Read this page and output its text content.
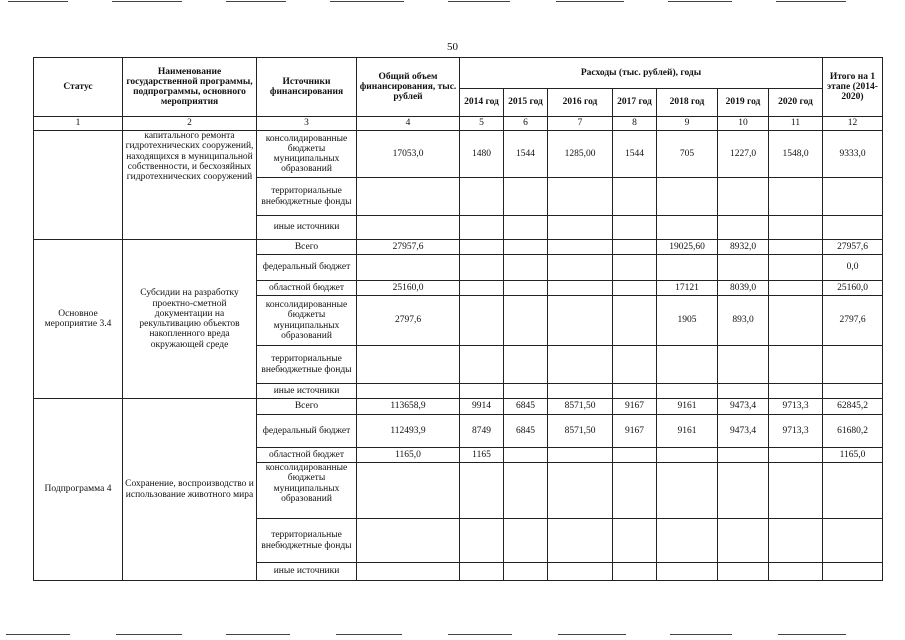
50
Статус	Наименование государственной программы, подпрограммы, основного мероприятия	Источники финансирования	Общий объем финансирования, тыс. рублей	Расходы (тыс. рублей), годы							Итого на 1 этапе (2014-2020)
				2014 год	2015 год	2016 год	2017 год	2018 год	2019 год	2020 год	
1	2	3	4	5	6	7	8	9	10	11	12
	капитального ремонта гидротехнических сооружений, находящихся в муниципальной собственности, и бесхозяйных гидротехнических сооружений	консолидированные бюджеты муниципальных образований	17053,0	1480	1544	1285,00	1544	705	1227,0	1548,0	9333,0
		территориальные внебюджетные фонды									
		иные источники									
Основное мероприятие 3.4	Субсидии на разработку проектно-сметной документации на рекультивацию объектов накопленного вреда окружающей среде	Всего	27957,6					19025,60	8932,0		27957,6
		федеральный бюджет									0,0
		областной бюджет	25160,0					17121	8039,0		25160,0
		консолидированные бюджеты муниципальных образований	2797,6					1905	893,0		2797,6
		территориальные внебюджетные фонды									
		иные источники									
Подпрограмма 4	Сохранение, воспроизводство и использование животного мира	Всего	113658,9	9914	6845	8571,50	9167	9161	9473,4	9713,3	62845,2
		федеральный бюджет	112493,9	8749	6845	8571,50	9167	9161	9473,4	9713,3	61680,2
		областной бюджет	1165,0	1165							1165,0
		консолидированные бюджеты муниципальных образований									
		территориальные внебюджетные фонды									
		иные источники									
